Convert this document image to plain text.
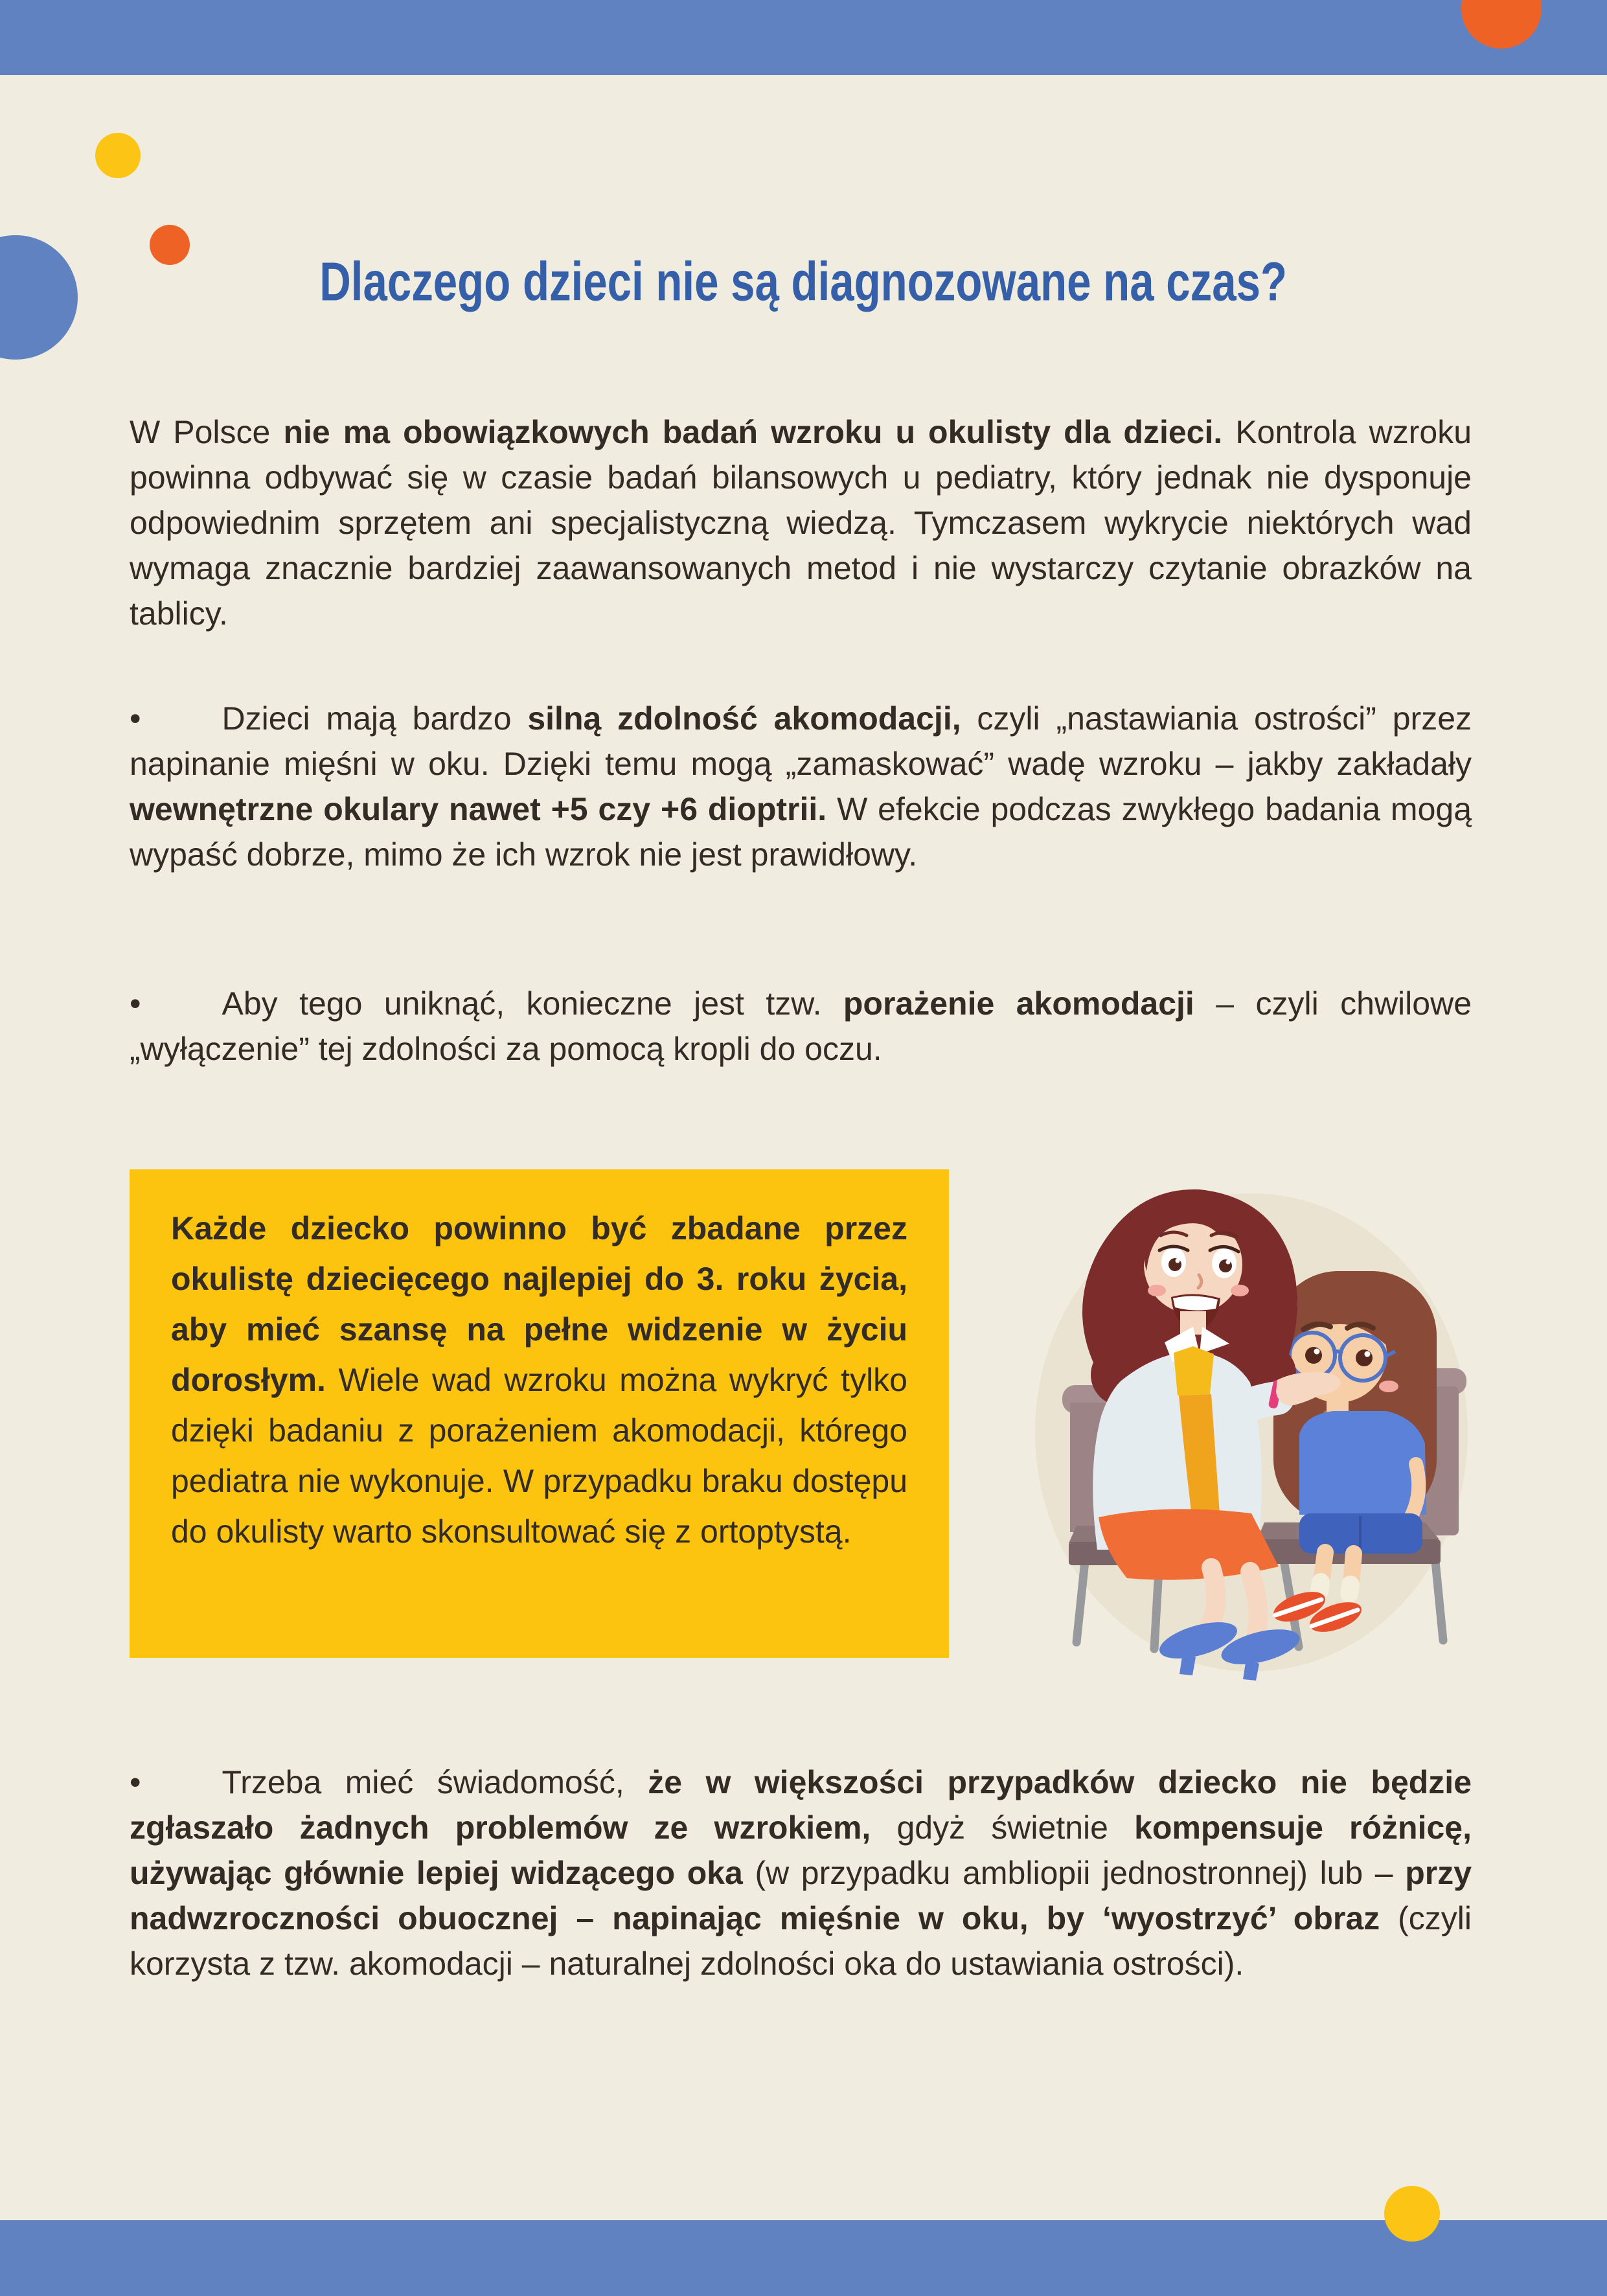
Dlaczego dzieci nie są diagnozowane na czas?

W Polsce nie ma obowiązkowych badań wzroku u okulisty dla dzieci. Kontrola wzroku powinna odbywać się w czasie badań bilansowych u pediatry, który jednak nie dysponuje odpowiednim sprzętem ani specjalistyczną wiedzą. Tymczasem wykrycie niektórych wad wymaga znacznie bardziej zaawansowanych metod i nie wystarczy czytanie obrazków na tablicy.

•	Dzieci mają bardzo silną zdolność akomodacji, czyli „nastawiania ostrości” przez napinanie mięśni w oku. Dzięki temu mogą „zamaskować” wadę wzroku – jakby zakładały wewnętrzne okulary nawet +5 czy +6 dioptrii. W efekcie podczas zwykłego badania mogą wypaść dobrze, mimo że ich wzrok nie jest prawidłowy.

•	Aby tego uniknąć, konieczne jest tzw. porażenie akomodacji – czyli chwilowe „wyłączenie” tej zdolności za pomocą kropli do oczu.

Każde dziecko powinno być zbadane przez okulistę dziecięcego najlepiej do 3. roku życia, aby mieć szansę na pełne widzenie w życiu dorosłym. Wiele wad wzroku można wykryć tylko dzięki badaniu z porażeniem akomodacji, którego pediatra nie wykonuje. W przypadku braku dostępu do okulisty warto skonsultować się z ortoptystą.

•	Trzeba mieć świadomość, że w większości przypadków dziecko nie będzie zgłaszało żadnych problemów ze wzrokiem, gdyż świetnie kompensuje różnicę, używając głównie lepiej widzącego oka (w przypadku ambliopii jednostronnej) lub – przy nadwzroczności obuocznej – napinając mięśnie w oku, by ‘wyostrzyć’ obraz (czyli korzysta z tzw. akomodacji – naturalnej zdolności oka do ustawiania ostrości).
